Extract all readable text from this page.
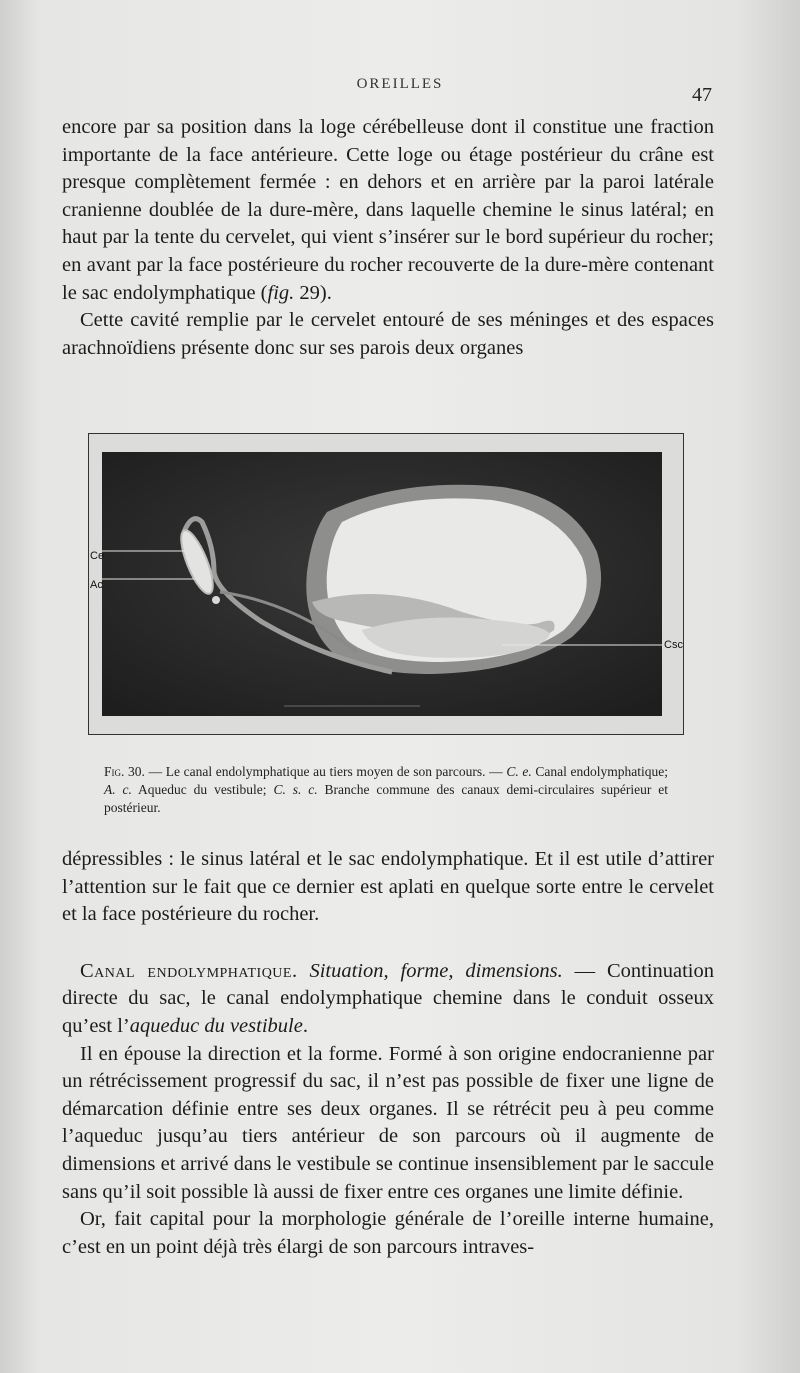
OREILLES	47

encore par sa position dans la loge cérébelleuse dont il constitue une fraction importante de la face antérieure. Cette loge ou étage postérieur du crâne est presque complètement fermée : en dehors et en arrière par la paroi latérale cranienne doublée de la dure-mère, dans laquelle chemine le sinus latéral; en haut par la tente du cervelet, qui vient s’insérer sur le bord supérieur du rocher; en avant par la face postérieure du rocher recouverte de la dure-mère contenant le sac endolymphatique (fig. 29).

Cette cavité remplie par le cervelet entouré de ses méninges et des espaces arachnoïdiens présente donc sur ses parois deux organes

Ce
Ac
Csc
Fig. 30. — Le canal endolymphatique au tiers moyen de son parcours. — C. e. Canal endolymphatique; A. c. Aqueduc du vestibule; C. s. c. Branche commune des canaux demi-circulaires supérieur et postérieur.

dépressibles : le sinus latéral et le sac endolymphatique. Et il est utile d’attirer l’attention sur le fait que ce dernier est aplati en quelque sorte entre le cervelet et la face postérieure du rocher.

Canal endolymphatique. Situation, forme, dimensions. — Continuation directe du sac, le canal endolymphatique chemine dans le conduit osseux qu’est l’aqueduc du vestibule.

Il en épouse la direction et la forme. Formé à son origine endocranienne par un rétrécissement progressif du sac, il n’est pas possible de fixer une ligne de démarcation définie entre ses deux organes. Il se rétrécit peu à peu comme l’aqueduc jusqu’au tiers antérieur de son parcours où il augmente de dimensions et arrivé dans le vestibule se continue insensiblement par le saccule sans qu’il soit possible là aussi de fixer entre ces organes une limite définie.

Or, fait capital pour la morphologie générale de l’oreille interne humaine, c’est en un point déjà très élargi de son parcours intraves-
